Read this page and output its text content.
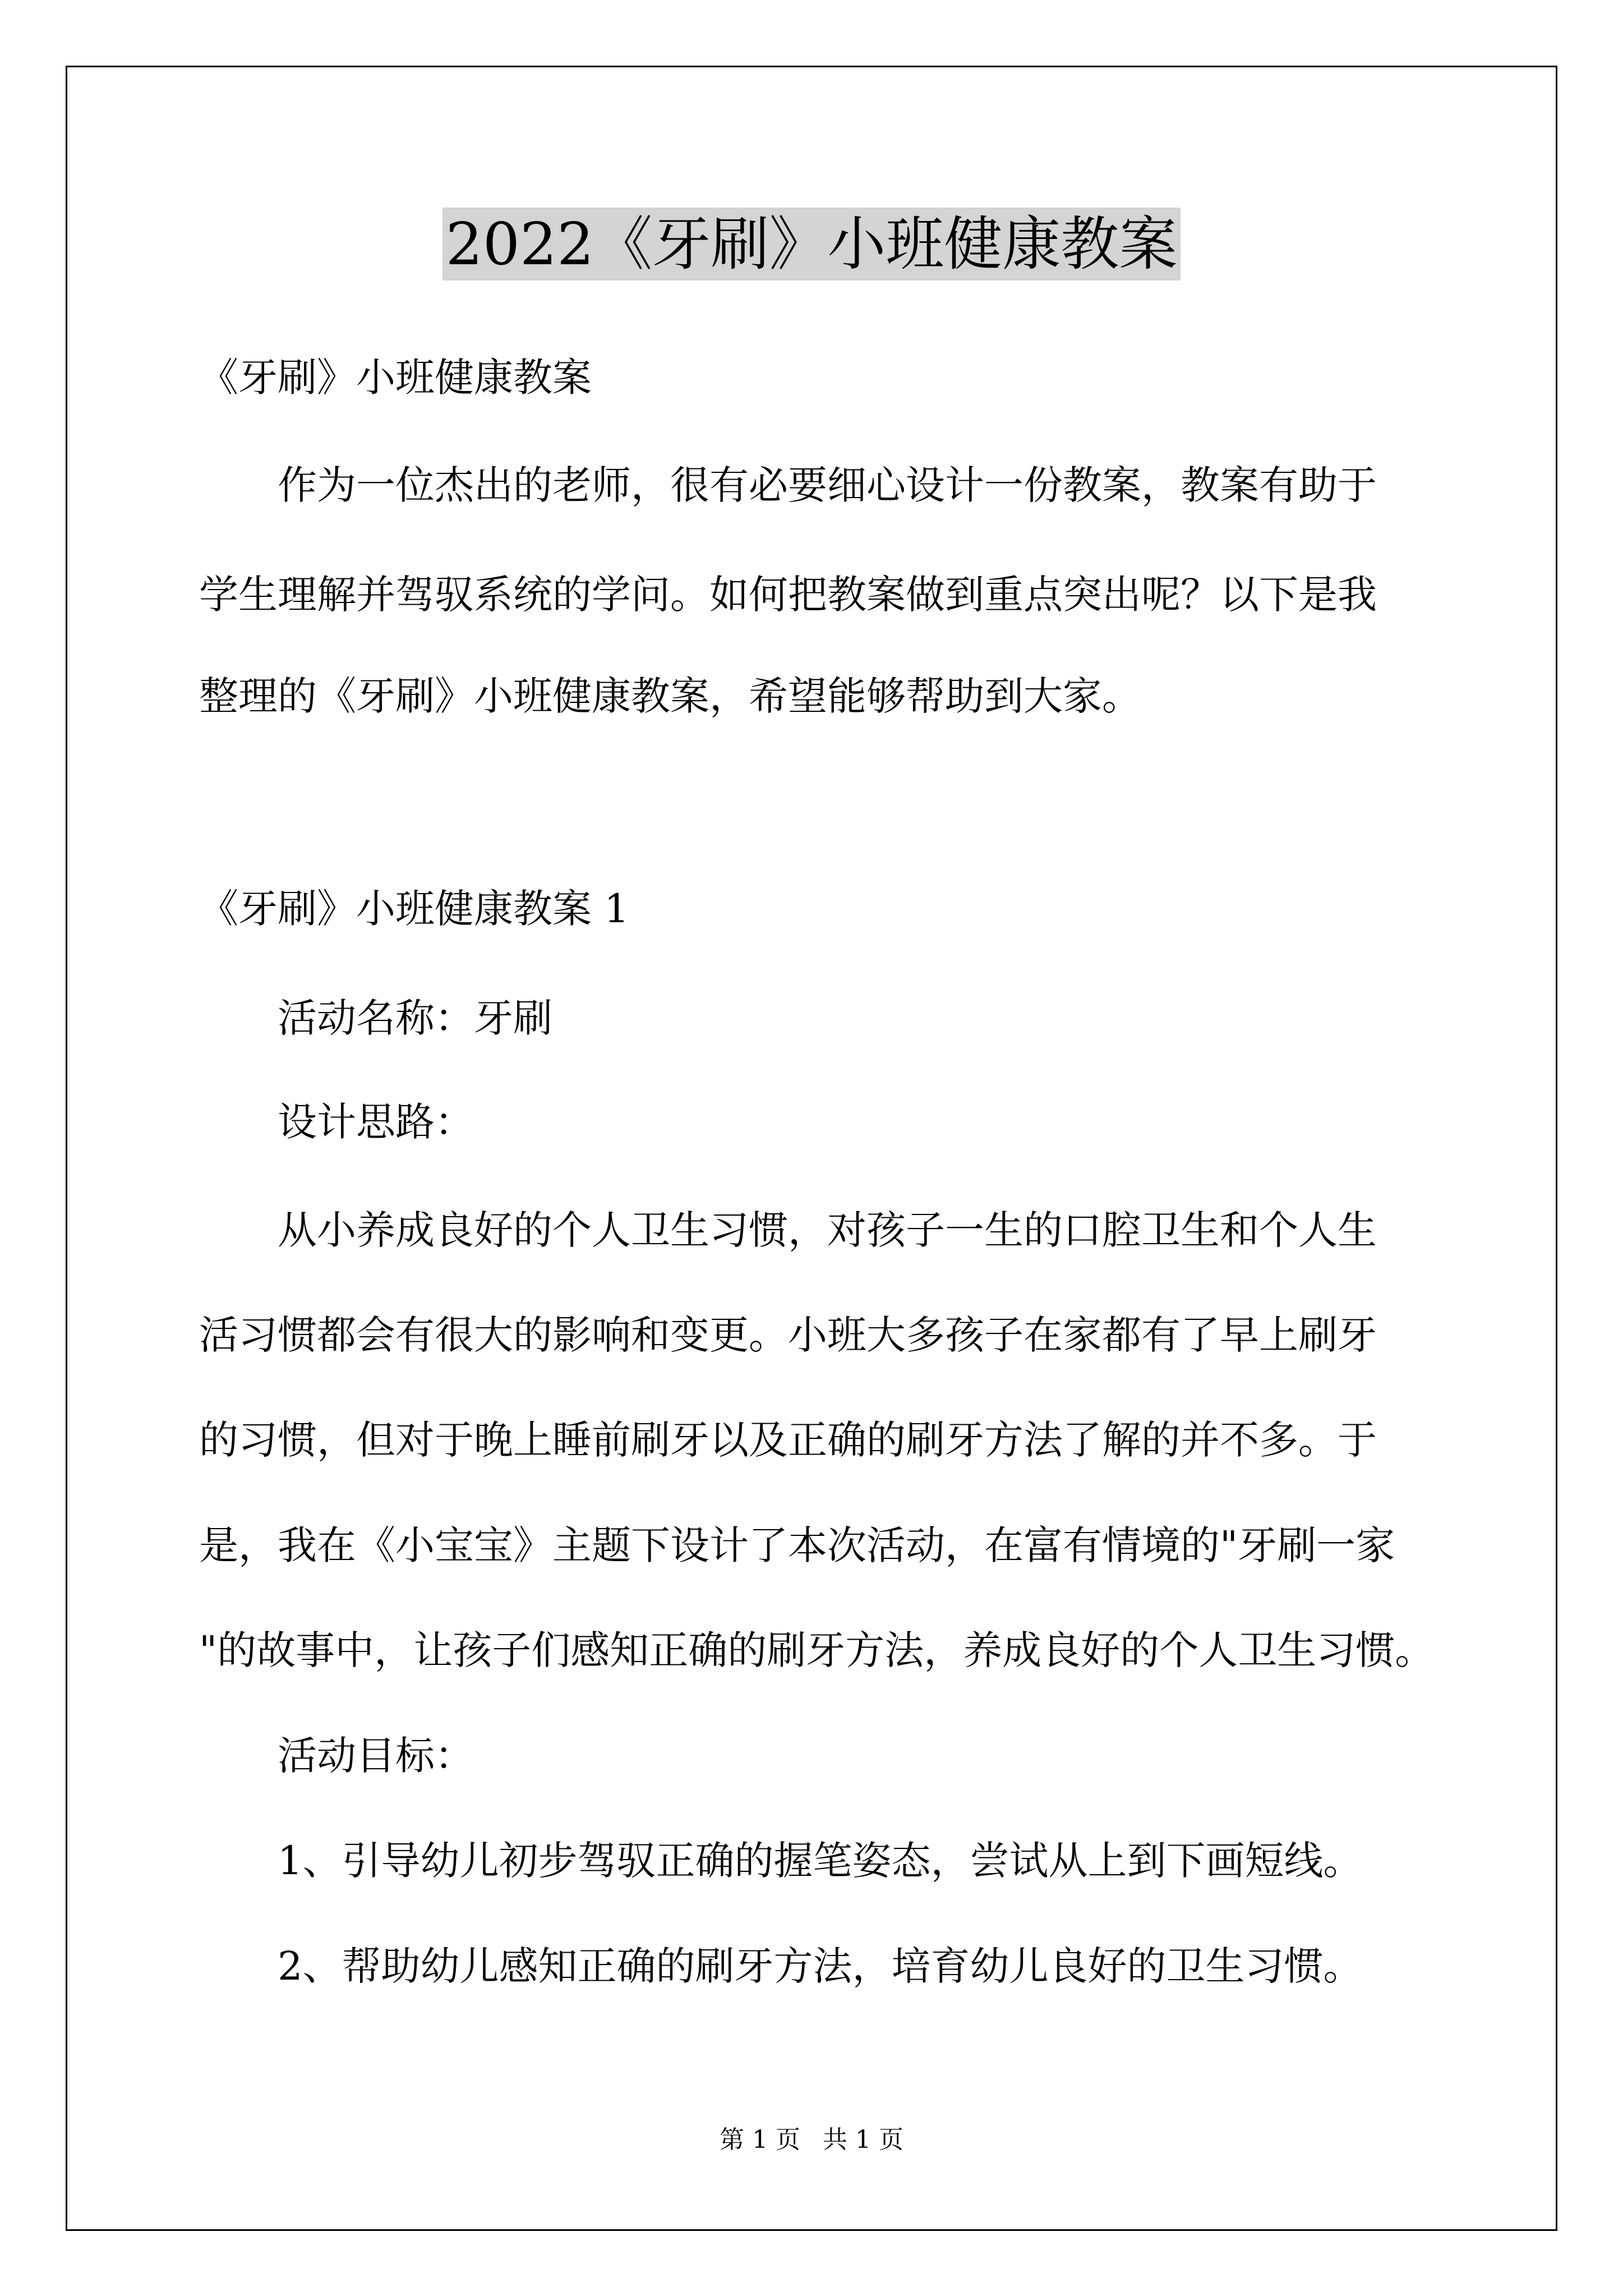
2022《牙刷》小班健康教案
《牙刷》小班健康教案
作为一位杰出的老师，很有必要细心设计一份教案，教案有助于
学生理解并驾驭系统的学问。如何把教案做到重点突出呢？以下是我
整理的《牙刷》小班健康教案，希望能够帮助到大家。
《牙刷》小班健康教案 1
活动名称：牙刷
设计思路：
从小养成良好的个人卫生习惯，对孩子一生的口腔卫生和个人生
活习惯都会有很大的影响和变更。小班大多孩子在家都有了早上刷牙
的习惯，但对于晚上睡前刷牙以及正确的刷牙方法了解的并不多。于
是，我在《小宝宝》主题下设计了本次活动，在富有情境的"牙刷一家
"的故事中，让孩子们感知正确的刷牙方法，养成良好的个人卫生习惯。
活动目标：
1、引导幼儿初步驾驭正确的握笔姿态，尝试从上到下画短线。
2、帮助幼儿感知正确的刷牙方法，培育幼儿良好的卫生习惯。
第 1 页 共 1 页
